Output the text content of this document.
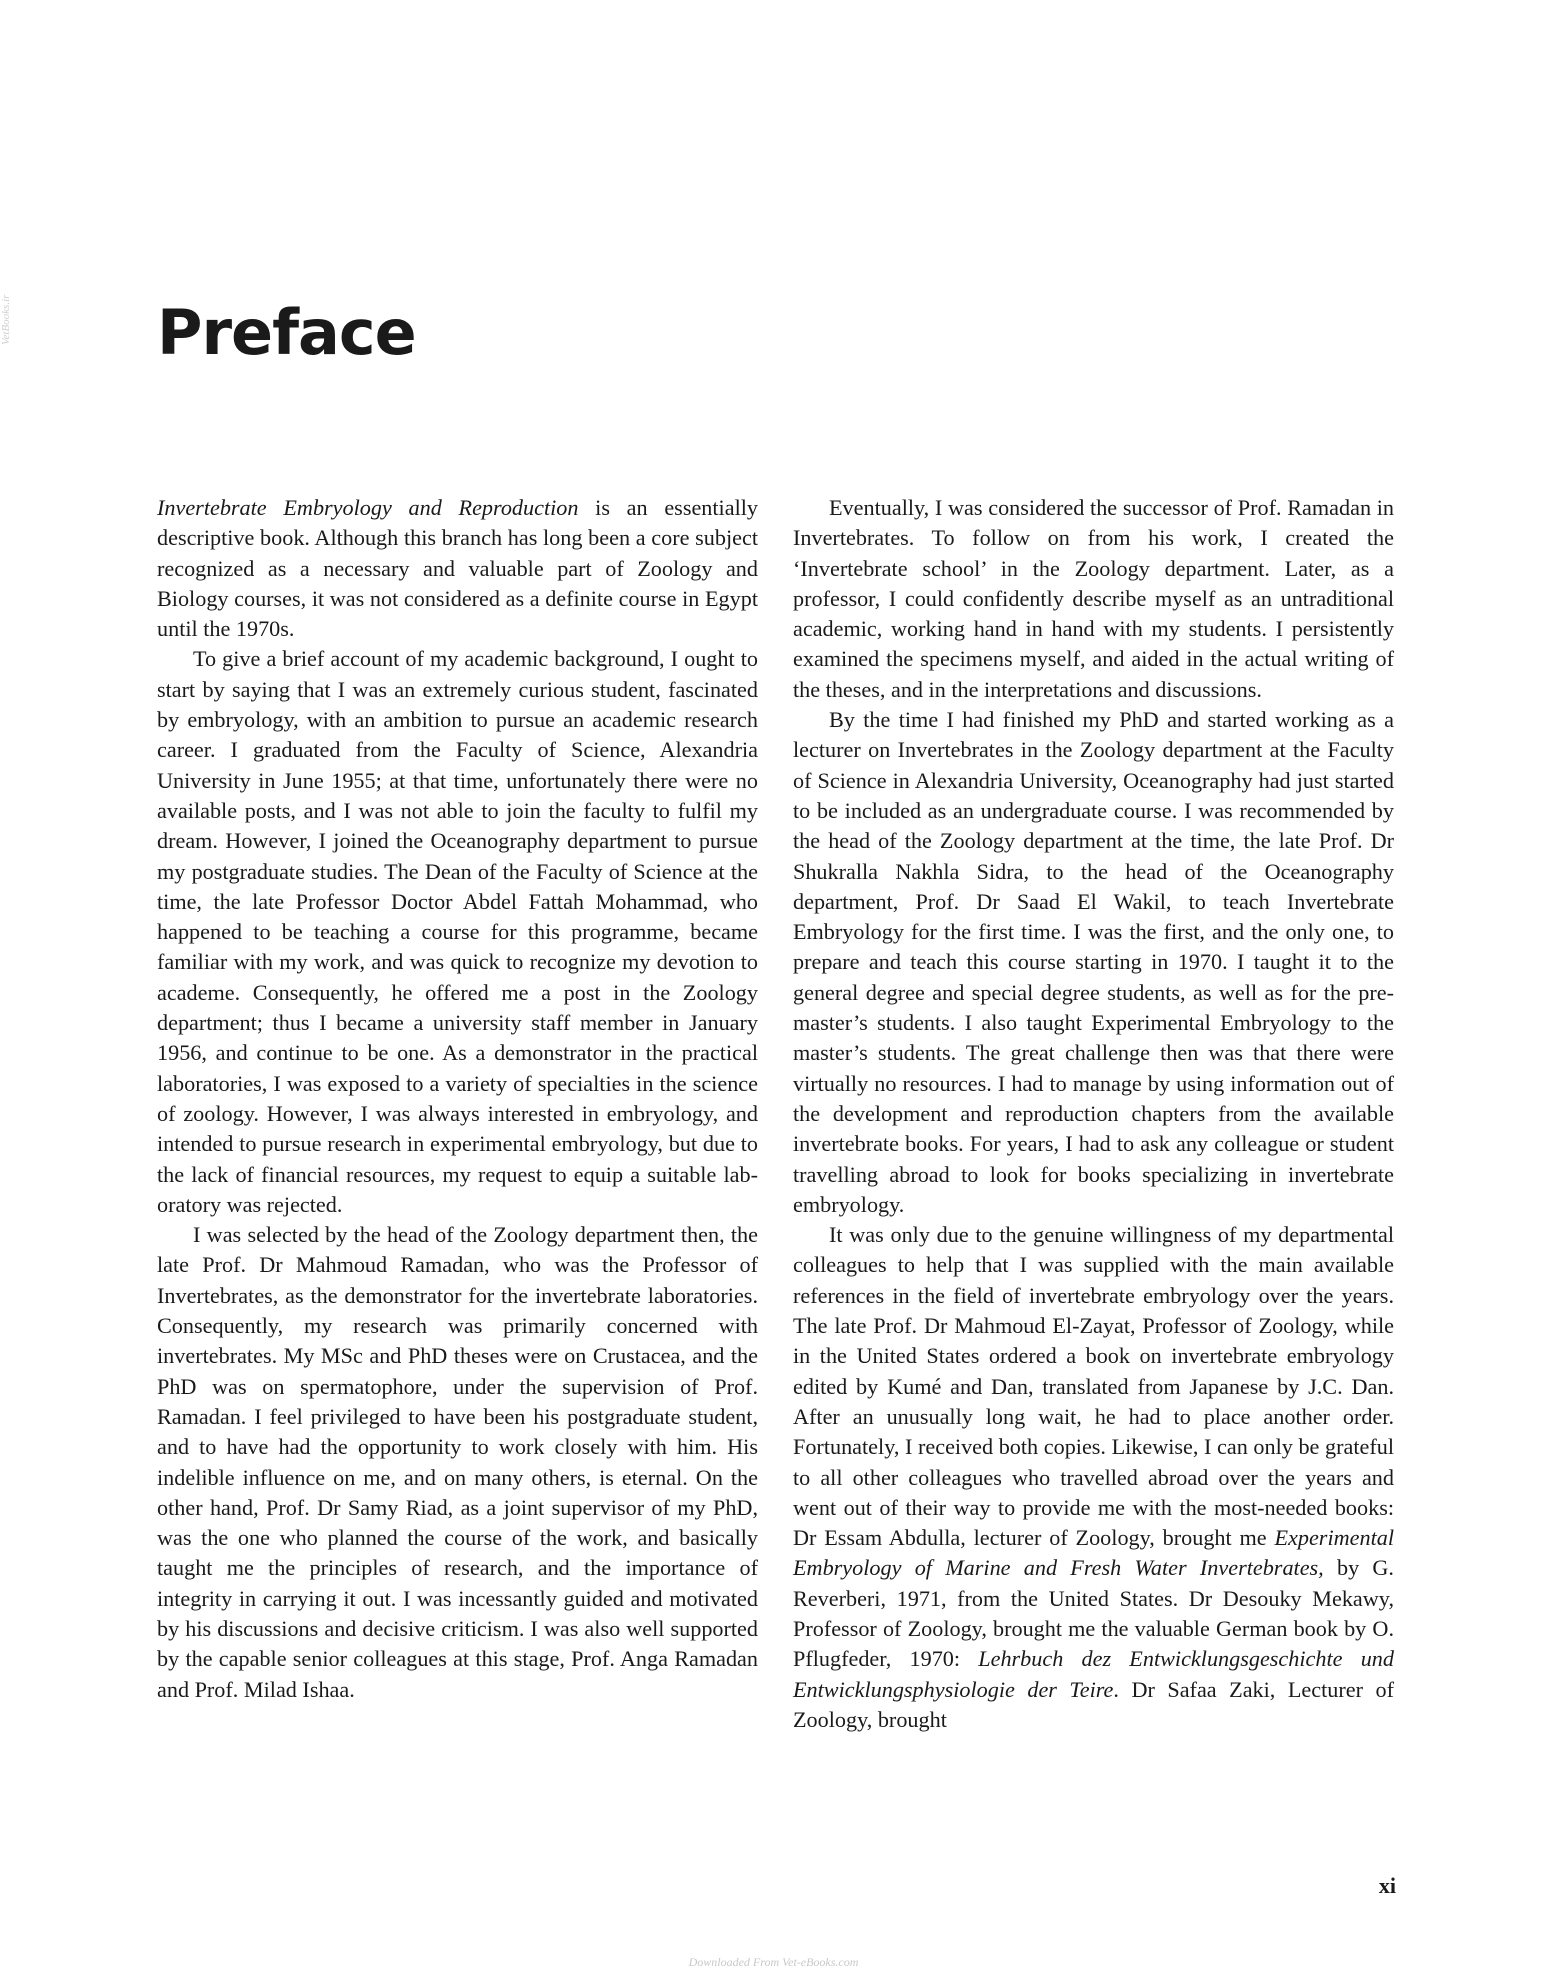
VetBooks.ir Preface

Invertebrate Embryology and Reproduction is an essentially descriptive book. Although this branch has long been a core subject recognized as a necessary and valuable part of Zoology and Biology courses, it was not considered as a definite course in Egypt until the 1970s.

To give a brief account of my academic background, I ought to start by saying that I was an extremely curious student, fascinated by embryology, with an ambition to pursue an academic research career. I graduated from the Faculty of Science, Alexandria University in June 1955; at that time, unfortunately there were no available posts, and I was not able to join the faculty to fulfil my dream. However, I joined the Oceanography department to pursue my postgraduate studies. The Dean of the Faculty of Science at the time, the late Professor Doctor Abdel Fattah Mohammad, who happened to be teaching a course for this programme, became familiar with my work, and was quick to recognize my devotion to academe. Consequently, he offered me a post in the Zoology department; thus I became a university staff member in January 1956, and continue to be one. As a demonstrator in the practical laboratories, I was exposed to a variety of specialties in the science of zoology. However, I was always interested in embryology, and intended to pursue research in experimental embryology, but due to the lack of financial resources, my request to equip a suitable laboratory was rejected.

I was selected by the head of the Zoology department then, the late Prof. Dr Mahmoud Ramadan, who was the Professor of Invertebrates, as the demonstrator for the invertebrate laboratories. Consequently, my research was primarily concerned with invertebrates. My MSc and PhD theses were on Crustacea, and the PhD was on spermatophore, under the supervision of Prof. Ramadan. I feel privileged to have been his postgraduate student, and to have had the opportunity to work closely with him. His indelible influence on me, and on many others, is eternal. On the other hand, Prof. Dr Samy Riad, as a joint supervisor of my PhD, was the one who planned the course of the work, and basically taught me the principles of research, and the importance of integrity in carrying it out. I was incessantly guided and motivated by his discussions and decisive criticism. I was also well supported by the capable senior colleagues at this stage, Prof. Anga Ramadan and Prof. Milad Ishaa.

Eventually, I was considered the successor of Prof. Ramadan in Invertebrates. To follow on from his work, I created the ‘Invertebrate school’ in the Zoology department. Later, as a professor, I could confidently describe myself as an untraditional academic, working hand in hand with my students. I persistently examined the specimens myself, and aided in the actual writing of the theses, and in the interpretations and discussions.

By the time I had finished my PhD and started working as a lecturer on Invertebrates in the Zoology department at the Faculty of Science in Alexandria University, Oceanography had just started to be included as an undergraduate course. I was recommended by the head of the Zoology department at the time, the late Prof. Dr Shukralla Nakhla Sidra, to the head of the Oceanography department, Prof. Dr Saad El Wakil, to teach Invertebrate Embryology for the first time. I was the first, and the only one, to prepare and teach this course starting in 1970. I taught it to the general degree and special degree students, as well as for the pre-master’s students. I also taught Experimental Embryology to the master’s students. The great challenge then was that there were virtually no resources. I had to manage by using information out of the development and reproduction chapters from the available invertebrate books. For years, I had to ask any colleague or student travelling abroad to look for books specializing in invertebrate embryology.

It was only due to the genuine willingness of my departmental colleagues to help that I was supplied with the main available references in the field of invertebrate embryology over the years. The late Prof. Dr Mahmoud El-Zayat, Professor of Zoology, while in the United States ordered a book on invertebrate embryology edited by Kumé and Dan, translated from Japanese by J.C. Dan. After an unusually long wait, he had to place another order. Fortunately, I received both copies. Likewise, I can only be grateful to all other colleagues who travelled abroad over the years and went out of their way to provide me with the most-needed books: Dr Essam Abdulla, lecturer of Zoology, brought me Experimental Embryology of Marine and Fresh Water Invertebrates, by G. Reverberi, 1971, from the United States. Dr Desouky Mekawy, Professor of Zoology, brought me the valuable German book by O. Pflugfeder, 1970: Lehrbuch dez Entwicklungsgeschichte und Entwicklungsphysiologie der Teire. Dr Safaa Zaki, Lecturer of Zoology, brought

xi
Downloaded From Vet-eBooks.com
